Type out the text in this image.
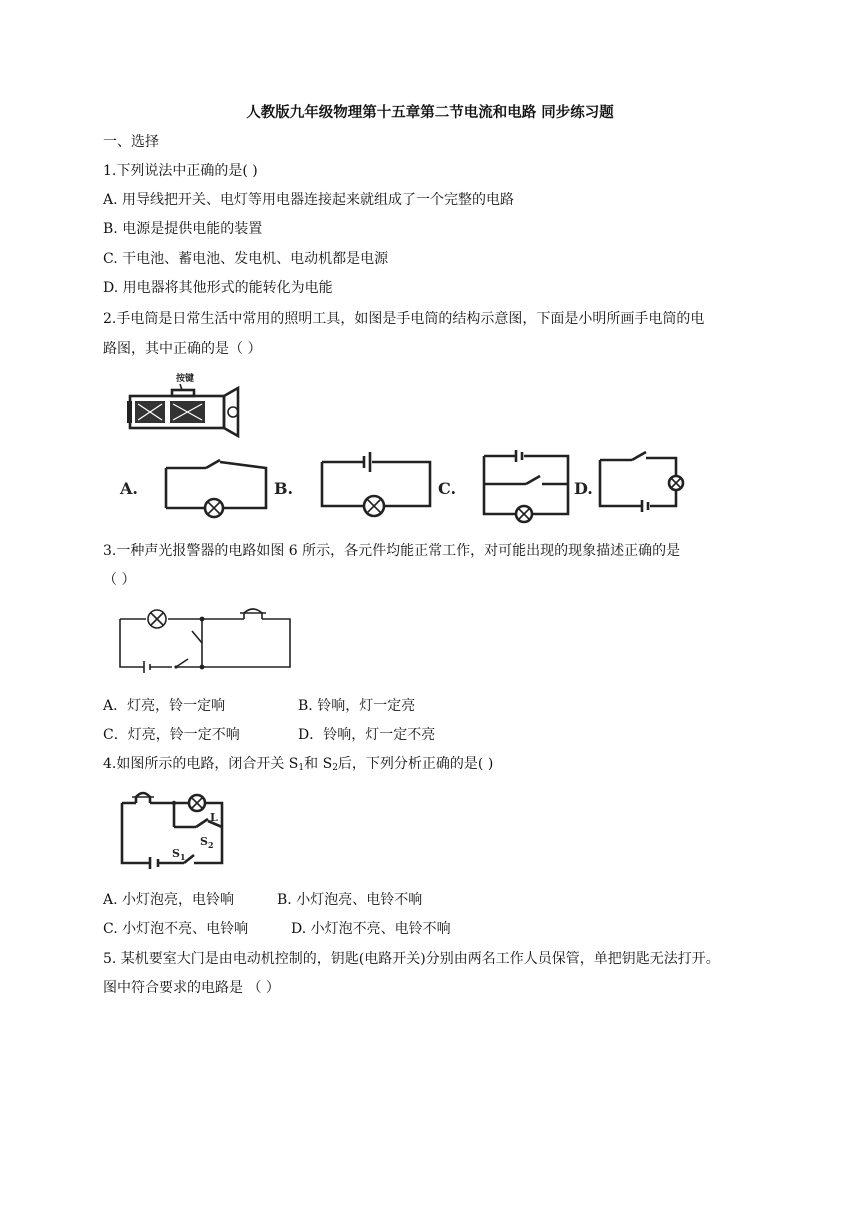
人教版九年级物理第十五章第二节电流和电路 同步练习题
一、选择
1.下列说法中正确的是( )
A. 用导线把开关、电灯等用电器连接起来就组成了一个完整的电路
B. 电源是提供电能的装置
C. 干电池、蓄电池、发电机、电动机都是电源
D. 用电器将其他形式的能转化为电能
2.手电筒是日常生活中常用的照明工具，如图是手电筒的结构示意图，下面是小明所画手电筒的电
路图，其中正确的是（ ）
按键
A.	B.	C.	D.
3.一种声光报警器的电路如图 6 所示，各元件均能正常工作，对可能出现的现象描述正确的是
（ ）
A．灯亮，铃一定响	B. 铃响，灯一定亮
C．灯亮，铃一定不响	D．铃响，灯一定不亮
4.如图所示的电路，闭合开关 $S_1$和 $S_2$后，下列分析正确的是( )
L
$S_2$
$S_1$
A. 小灯泡亮，电铃响	B. 小灯泡亮、电铃不响
C. 小灯泡不亮、电铃响	D. 小灯泡不亮、电铃不响
5. 某机要室大门是由电动机控制的，钥匙(电路开关)分别由两名工作人员保管，单把钥匙无法打开。
图中符合要求的电路是 （ ）
